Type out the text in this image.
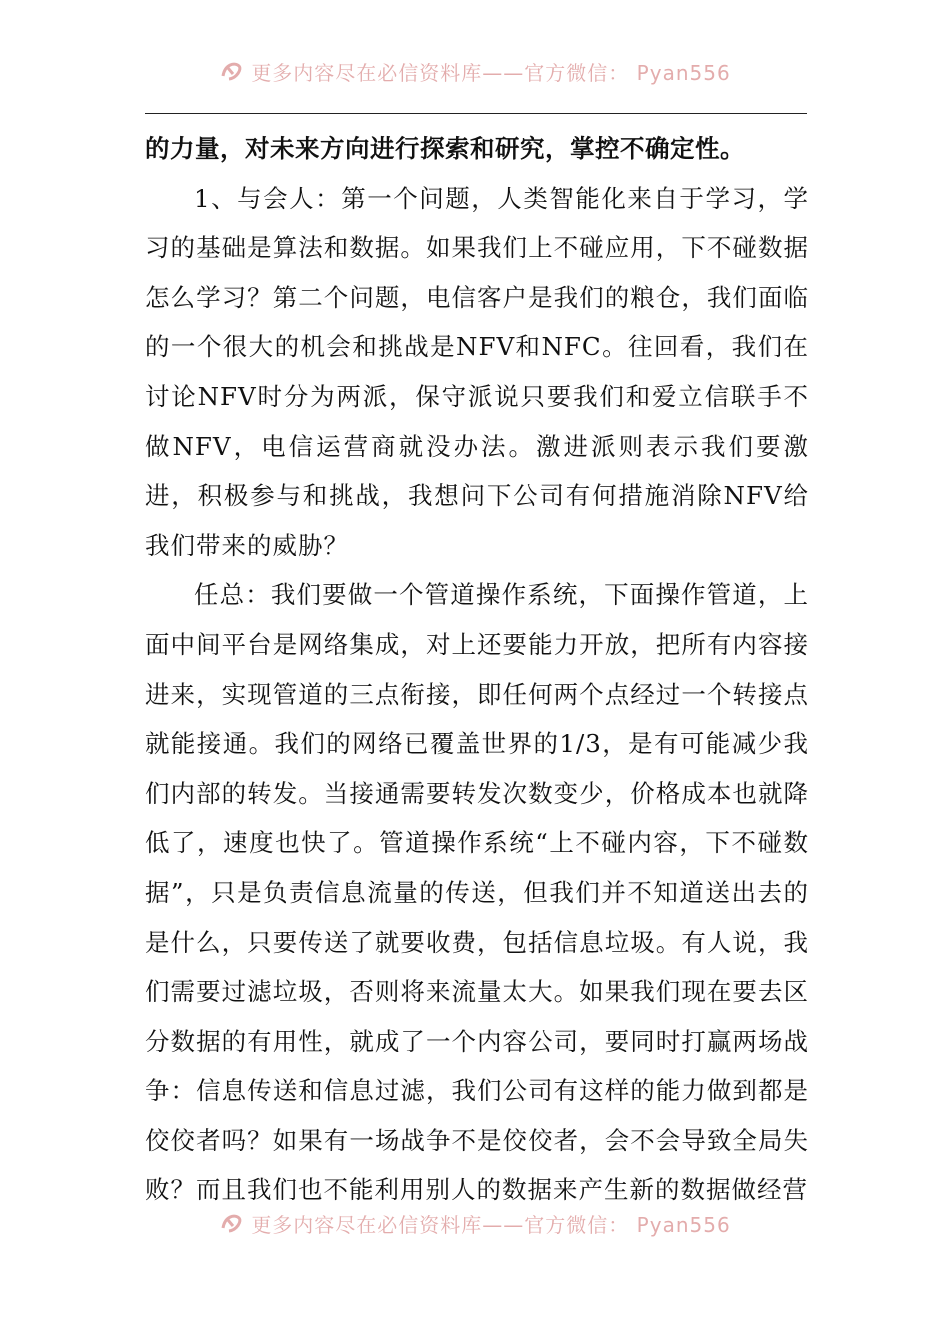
更多内容尽在必信资料库——官方微信： Pyan556

的力量，对未来方向进行探索和研究，掌控不确定性。

1、与会人：第一个问题，人类智能化来自于学习，学习的基础是算法和数据。如果我们上不碰应用，下不碰数据怎么学习？第二个问题，电信客户是我们的粮仓，我们面临的一个很大的机会和挑战是NFV和NFC。往回看，我们在讨论NFV时分为两派，保守派说只要我们和爱立信联手不做NFV，电信运营商就没办法。激进派则表示我们要激进，积极参与和挑战，我想问下公司有何措施消除NFV给我们带来的威胁？

任总：我们要做一个管道操作系统，下面操作管道，上面中间平台是网络集成，对上还要能力开放，把所有内容接进来，实现管道的三点衔接，即任何两个点经过一个转接点就能接通。我们的网络已覆盖世界的1/3，是有可能减少我们内部的转发。当接通需要转发次数变少，价格成本也就降低了，速度也快了。管道操作系统“上不碰内容，下不碰数据”，只是负责信息流量的传送，但我们并不知道送出去的是什么，只要传送了就要收费，包括信息垃圾。有人说，我们需要过滤垃圾，否则将来流量太大。如果我们现在要去区分数据的有用性，就成了一个内容公司，要同时打赢两场战争：信息传送和信息过滤，我们公司有这样的能力做到都是佼佼者吗？如果有一场战争不是佼佼者，会不会导致全局失败？而且我们也不能利用别人的数据来产生新的数据做经营

更多内容尽在必信资料库——官方微信： Pyan556
